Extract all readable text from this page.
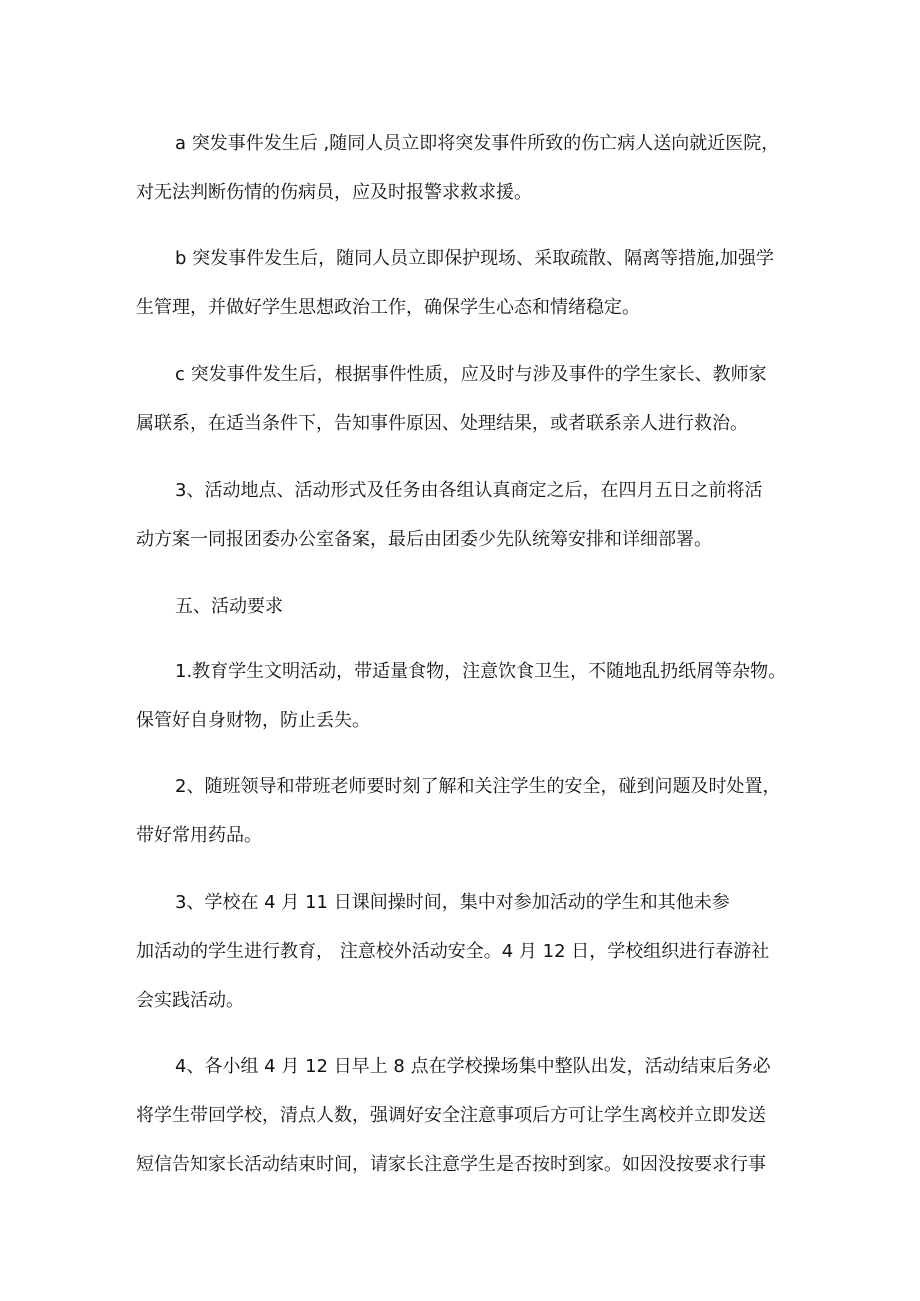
a 突发事件发生后 ,随同人员立即将突发事件所致的伤亡病人送向就近医院，
对无法判断伤情的伤病员，应及时报警求救求援。
b 突发事件发生后，随同人员立即保护现场、采取疏散、隔离等措施,加强学
生管理，并做好学生思想政治工作，确保学生心态和情绪稳定。
c 突发事件发生后，根据事件性质，应及时与涉及事件的学生家长、教师家
属联系，在适当条件下，告知事件原因、处理结果，或者联系亲人进行救治。
3、活动地点、活动形式及任务由各组认真商定之后，在四月五日之前将活
动方案一同报团委办公室备案，最后由团委少先队统筹安排和详细部署。
五、活动要求
1.教育学生文明活动，带适量食物，注意饮食卫生，不随地乱扔纸屑等杂物。
保管好自身财物，防止丢失。
2、随班领导和带班老师要时刻了解和关注学生的安全，碰到问题及时处置，
带好常用药品。
3、学校在 4 月 11 日课间操时间，集中对参加活动的学生和其他未参
加活动的学生进行教育， 注意校外活动安全。4 月 12 日，学校组织进行春游社
会实践活动。
4、各小组 4 月 12 日早上 8 点在学校操场集中整队出发，活动结束后务必
将学生带回学校，清点人数，强调好安全注意事项后方可让学生离校并立即发送
短信告知家长活动结束时间，请家长注意学生是否按时到家。如因没按要求行事
